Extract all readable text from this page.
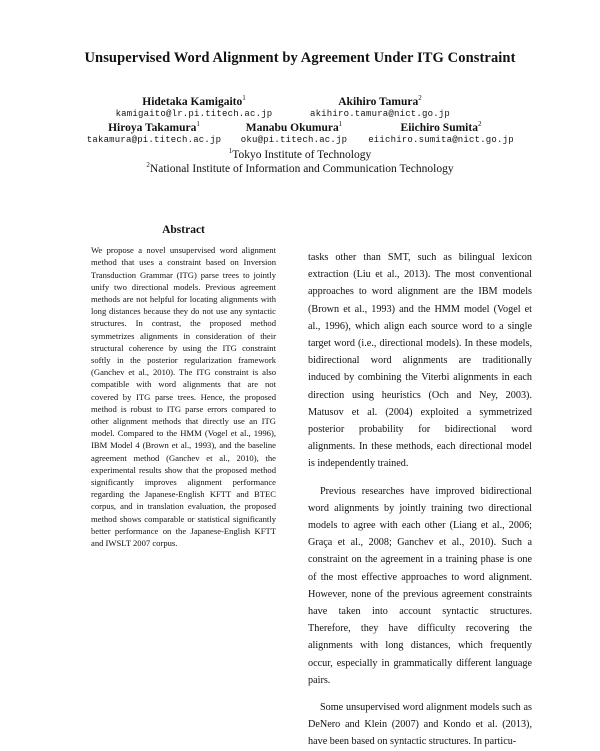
Unsupervised Word Alignment by Agreement Under ITG Constraint
Hidetaka Kamigaito$^1$
kamigaito@lr.pi.titech.ac.jp
Akihiro Tamura$^2$
akihiro.tamura@nict.go.jp
Hiroya Takamura$^1$
takamura@pi.titech.ac.jp
Manabu Okumura$^1$
oku@pi.titech.ac.jp
Eiichiro Sumita$^2$
eiichiro.sumita@nict.go.jp
$^1$Tokyo Institute of Technology
$^2$National Institute of Information and Communication Technology
Abstract

We propose a novel unsupervised word alignment method that uses a constraint based on Inversion Transduction Grammar (ITG) parse trees to jointly unify two directional models. Previous agreement methods are not helpful for locating alignments with long distances because they do not use any syntactic structures. In contrast, the proposed method symmetrizes alignments in consideration of their structural coherence by using the ITG constraint softly in the posterior regularization framework (Ganchev et al., 2010). The ITG constraint is also compatible with word alignments that are not covered by ITG parse trees. Hence, the proposed method is robust to ITG parse errors compared to other alignment methods that directly use an ITG model. Compared to the HMM (Vogel et al., 1996), IBM Model 4 (Brown et al., 1993), and the baseline agreement method (Ganchev et al., 2010), the experimental results show that the proposed method significantly improves alignment performance regarding the Japanese-English KFTT and BTEC corpus, and in translation evaluation, the proposed method shows comparable or statistical significantly better performance on the Japanese-English KFTT and IWSLT 2007 corpus.

tasks other than SMT, such as bilingual lexicon extraction (Liu et al., 2013). The most conventional approaches to word alignment are the IBM models (Brown et al., 1993) and the HMM model (Vogel et al., 1996), which align each source word to a single target word (i.e., directional models). In these models, bidirectional word alignments are traditionally induced by combining the Viterbi alignments in each direction using heuristics (Och and Ney, 2003). Matusov et al. (2004) exploited a symmetrized posterior probability for bidirectional word alignments. In these methods, each directional model is independently trained.

Previous researches have improved bidirectional word alignments by jointly training two directional models to agree with each other (Liang et al., 2006; Graça et al., 2008; Ganchev et al., 2010). Such a constraint on the agreement in a training phase is one of the most effective approaches to word alignment. However, none of the previous agreement constraints have taken into account syntactic structures. Therefore, they have difficulty recovering the alignments with long distances, which frequently occur, especially in grammatically different language pairs.

Some unsupervised word alignment models such as DeNero and Klein (2007) and Kondo et al. (2013), have been based on syntactic structures. In particu-
